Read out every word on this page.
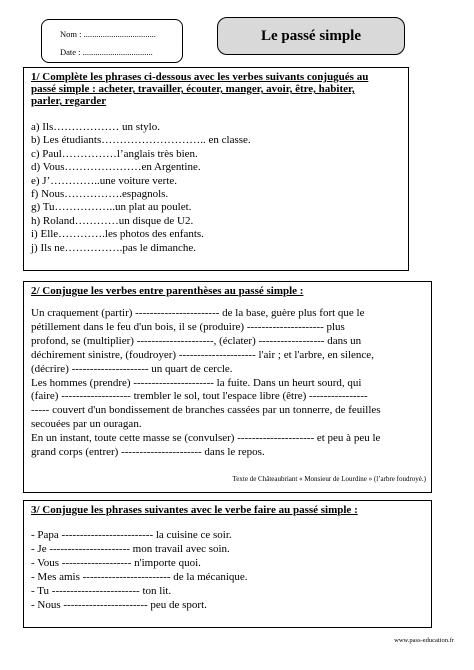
Nom : ..................................
Date : .................................
Le passé simple

1/ Complète les phrases ci-dessous avec les verbes suivants conjugués au

passé simple : acheter, travailler, écouter, manger, avoir, être, habiter,

parler, regarder

a) Ils……………… un stylo.

b) Les étudiants……………………….. en classe.

c) Paul……………l’anglais très bien.

d) Vous…………………en Argentine.

e) J’…………..une voiture verte.

f) Nous…………….espagnols.

g) Tu……………..un plat au poulet.

h) Roland…………un disque de U2.

i) Elle………….les photos des enfants.

j) Ils ne…………….pas le dimanche.

2/ Conjugue les verbes entre parenthèses au passé simple :

Un craquement (partir) ----------------------- de la base, guère plus fort que le

pétillement dans le feu d'un bois, il se (produire) --------------------- plus

profond, se (multiplier) ---------------------, (éclater) ------------------ dans un

déchirement sinistre, (foudroyer) --------------------- l'air ; et l'arbre, en silence,

(décrire) --------------------- un quart de cercle.

Les hommes (prendre) ---------------------- la fuite. Dans un heurt sourd, qui

(faire) ------------------- trembler le sol, tout l'espace libre (être) ----------------

----- couvert d'un bondissement de branches cassées par un tonnerre, de feuilles

secouées par un ouragan.

En un instant, toute cette masse se (convulser) --------------------- et peu à peu le

grand corps (entrer) ---------------------- dans le repos.

Texte de Châteaubriant « Monsieur de Lourdine » (l’arbre foudroyé.)

3/ Conjugue les phrases suivantes avec le verbe faire au passé simple :

- Papa ------------------------- la cuisine ce soir.

- Je ---------------------- mon travail avec soin.

- Vous ------------------- n'importe quoi.

- Mes amis ------------------------ de la mécanique.

- Tu ------------------------ ton lit.

- Nous ----------------------- peu de sport.

www.pass-education.fr
